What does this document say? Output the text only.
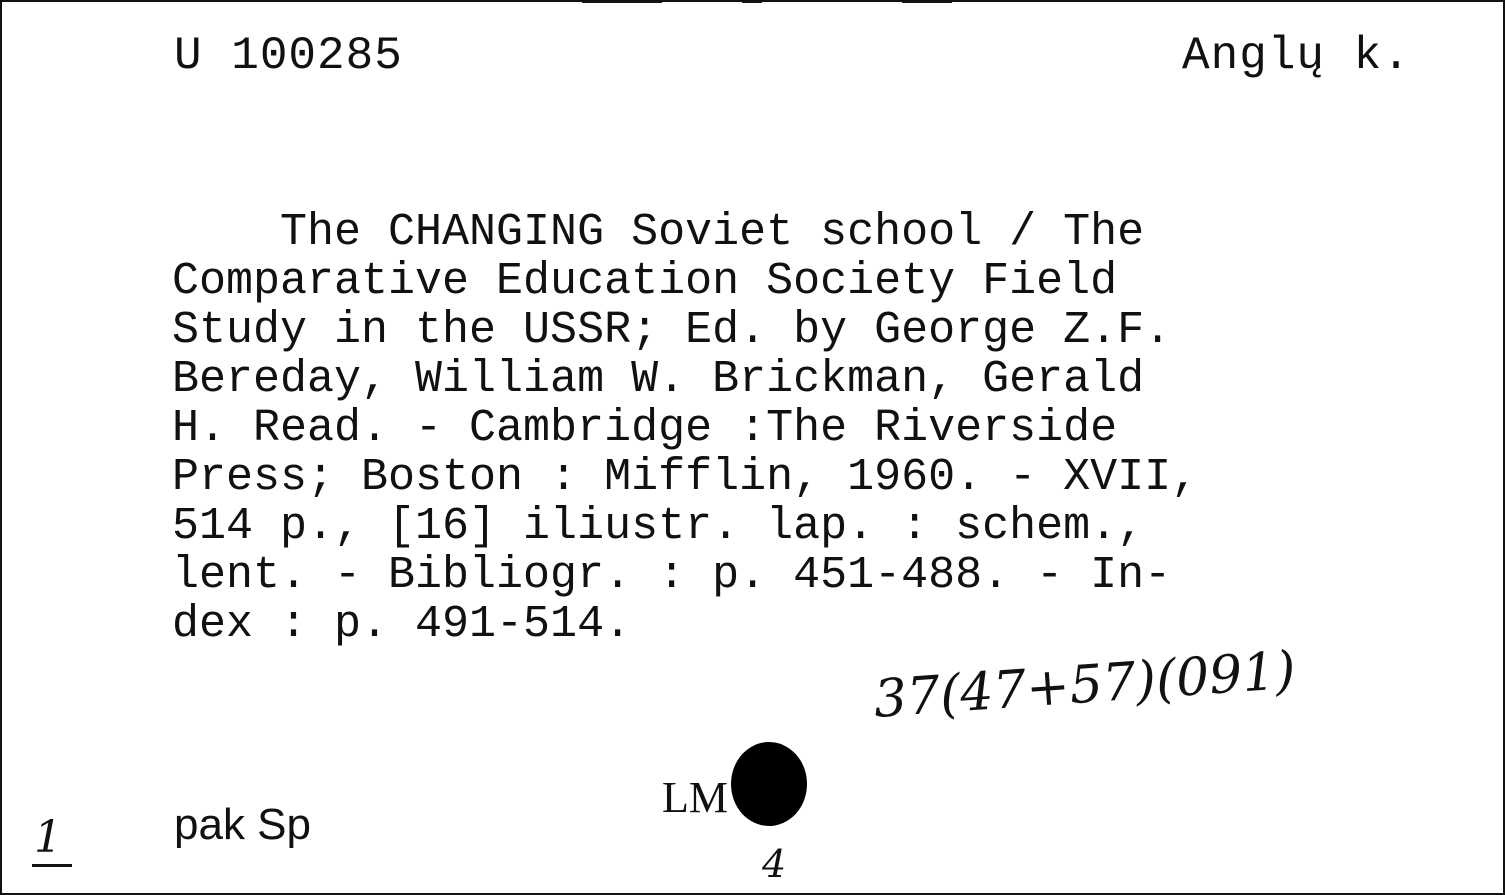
U 100285	Anglų k.
The CHANGING Soviet school / The
Comparative Education Society Field
Study in the USSR; Ed. by George Z.F.
Bereday, William W. Brickman, Gerald
H. Read. - Cambridge :The Riverside
Press; Boston : Mifflin, 1960. - XVII,
514 p., [16] iliustr. lap. : schem.,
lent. - Bibliogr. : p. 451-488. - In-
dex : p. 491-514.
37(47+57)(091)
LM
1	pak Sp
4
